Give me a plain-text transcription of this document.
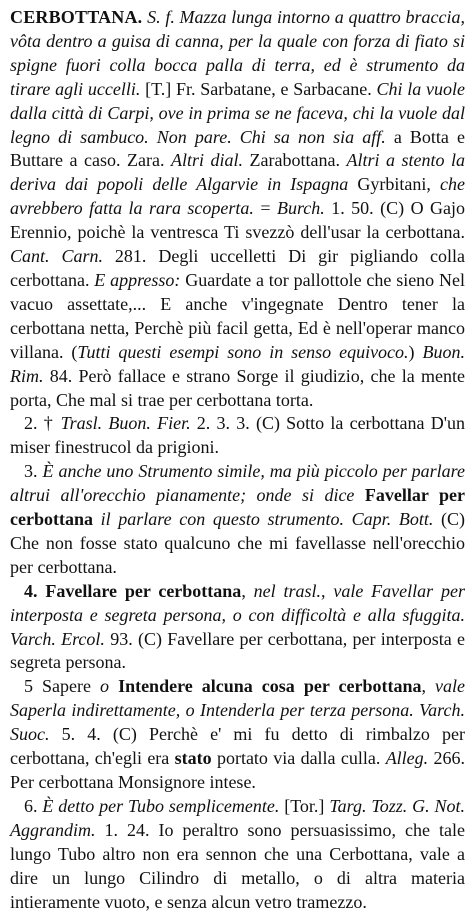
CERBOTTANA. S. f. Mazza lunga intorno a quattro braccia, vôta dentro a guisa di canna, per la quale con forza di fiato si spigne fuori colla bocca palla di terra, ed è strumento da tirare agli uccelli. [T.] Fr. Sarbatane, e Sarbacane. Chi la vuole dalla città di Carpi, ove in prima se ne faceva, chi la vuole dal legno di sambuco. Non pare. Chi sa non sia aff. a Botta e Buttare a caso. Zara. Altri dial. Zarabottana. Altri a stento la deriva dai popoli delle Algarvie in Ispagna Gyrbitani, che avrebbero fatta la rara scoperta. = Burch. 1. 50. (C) O Gajo Erennio, poichè la ventresca Ti svezzò dell'usar la cerbottana. Cant. Carn. 281. Degli uccelletti Di gir pigliando colla cerbottana. E appresso: Guardate a tor pallottole che sieno Nel vacuo assettate,... E anche v'ingegnate Dentro tener la cerbottana netta, Perchè più facil getta, Ed è nell'operar manco villana. (Tutti questi esempi sono in senso equivoco.) Buon. Rim. 84. Però fallace e strano Sorge il giudizio, che la mente porta, Che mal si trae per cerbottana torta.

2. † Trasl. Buon. Fier. 2. 3. 3. (C) Sotto la cerbottana D'un miser finestrucol da prigioni.

3. È anche uno Strumento simile, ma più piccolo per parlare altrui all'orecchio pianamente; onde si dice Favellar per cerbottana il parlare con questo strumento. Capr. Bott. (C) Che non fosse stato qualcuno che mi favellasse nell'orecchio per cerbottana.

4. Favellare per cerbottana, nel trasl., vale Favellar per interposta e segreta persona, o con difficoltà e alla sfuggita. Varch. Ercol. 93. (C) Favellare per cerbottana, per interposta e segreta persona.

5 Sapere o Intendere alcuna cosa per cerbottana, vale Saperla indirettamente, o Intenderla per terza persona. Varch. Suoc. 5. 4. (C) Perchè e' mi fu detto di rimbalzo per cerbottana, ch'egli era stato portato via dalla culla. Alleg. 266. Per cerbottana Monsignore intese.

6. È detto per Tubo semplicemente. [Tor.] Targ. Tozz. G. Not. Aggrandim. 1. 24. Io peraltro sono persuasissimo, che tale lungo Tubo altro non era sennon che una Cerbottana, vale a dire un lungo Cilindro di metallo, o di altra materia intieramente vuoto, e senza alcun vetro tramezzo.
